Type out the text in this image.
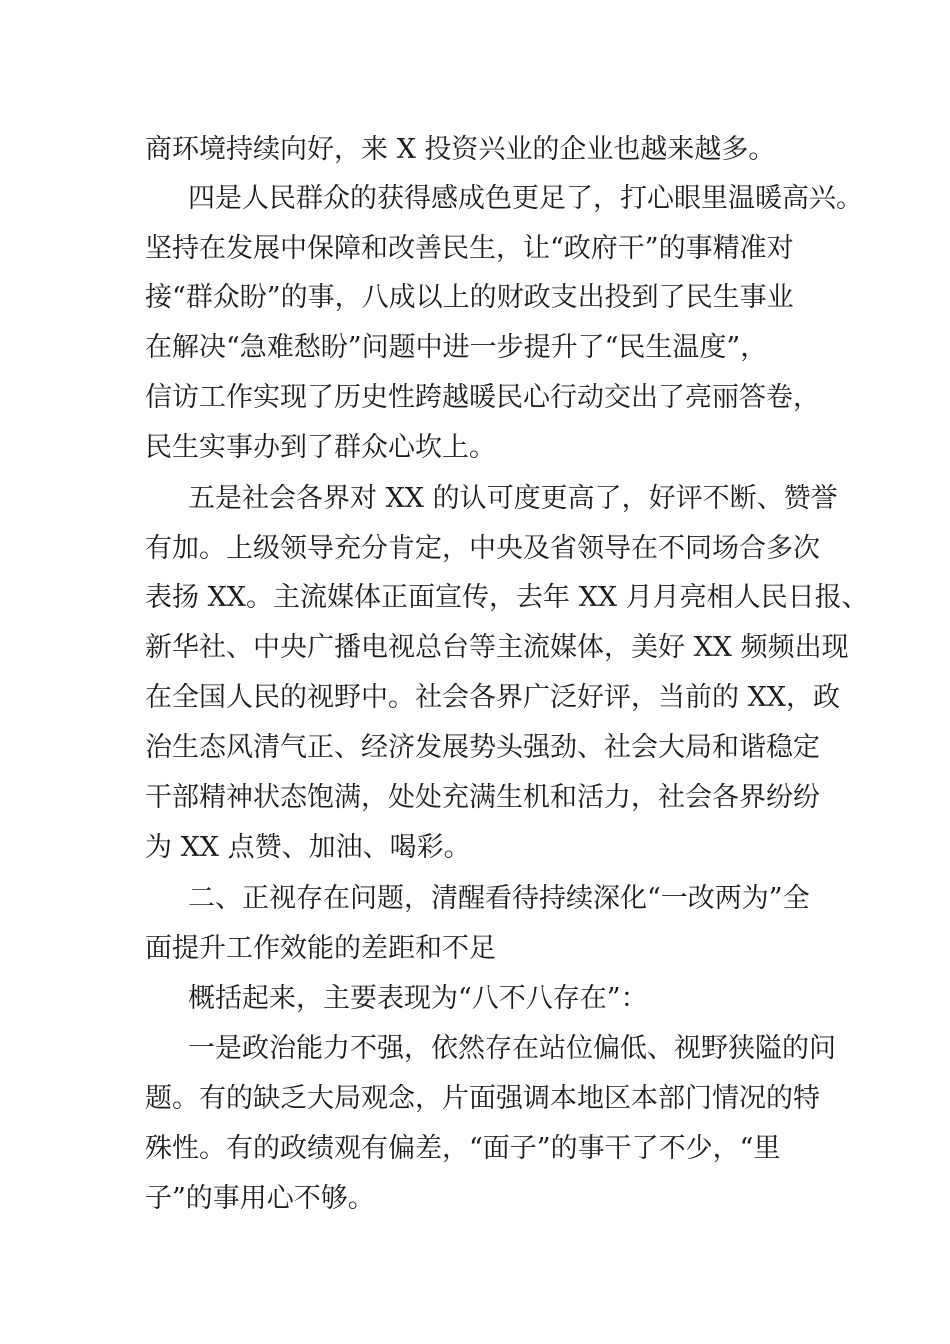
商环境持续向好，来 X 投资兴业的企业也越来越多。
四是人民群众的获得感成色更足了，打心眼里温暖高兴。
坚持在发展中保障和改善民生，让“政府干”的事精准对
接“群众盼”的事，八成以上的财政支出投到了民生事业
在解决“急难愁盼”问题中进一步提升了“民生温度”，
信访工作实现了历史性跨越暖民心行动交出了亮丽答卷，
民生实事办到了群众心坎上。
五是社会各界对 XX 的认可度更高了，好评不断、赞誉
有加。上级领导充分肯定，中央及省领导在不同场合多次
表扬 XX。主流媒体正面宣传，去年 XX 月月亮相人民日报、
新华社、中央广播电视总台等主流媒体，美好 XX 频频出现
在全国人民的视野中。社会各界广泛好评，当前的 XX，政
治生态风清气正、经济发展势头强劲、社会大局和谐稳定
干部精神状态饱满，处处充满生机和活力，社会各界纷纷
为 XX 点赞、加油、喝彩。
二、正视存在问题，清醒看待持续深化“一改两为”全
面提升工作效能的差距和不足
概括起来，主要表现为“八不八存在”：
一是政治能力不强，依然存在站位偏低、视野狭隘的问
题。有的缺乏大局观念，片面强调本地区本部门情况的特
殊性。有的政绩观有偏差，“面子”的事干了不少，“里
子”的事用心不够。
